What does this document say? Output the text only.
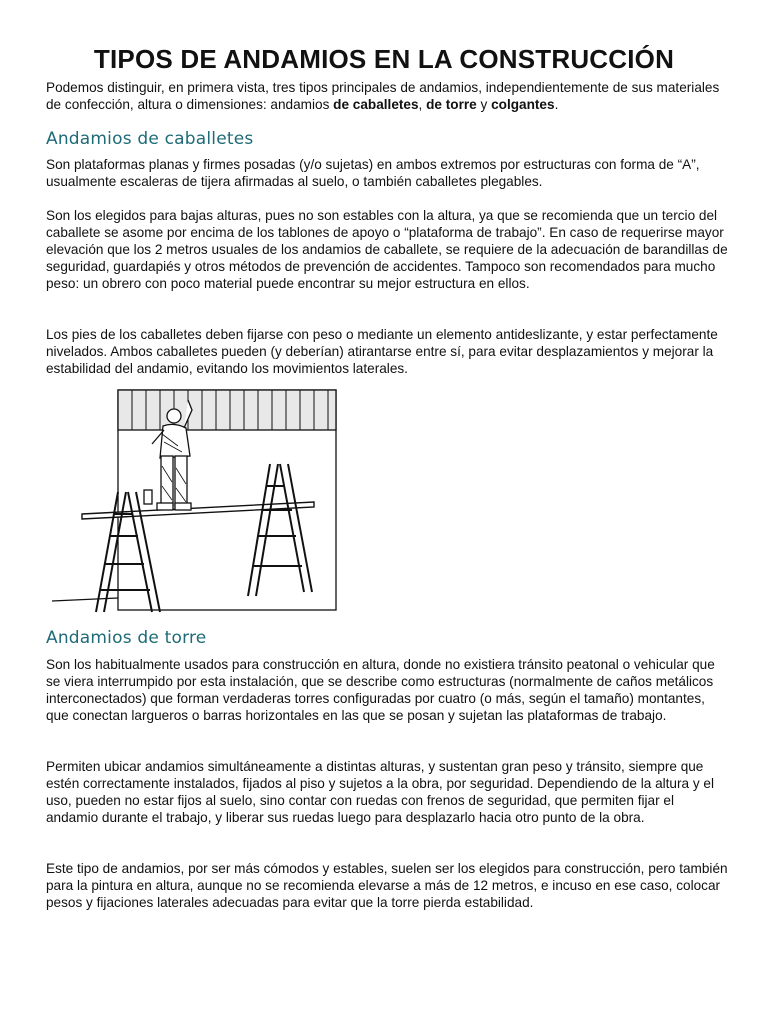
TIPOS DE ANDAMIOS EN LA CONSTRUCCIÓN

Podemos distinguir, en primera vista, tres tipos principales de andamios, independientemente de sus materiales de confección, altura o dimensiones: andamios de caballetes, de torre y colgantes.

Andamios de caballetes

Son plataformas planas y firmes posadas (y/o sujetas) en ambos extremos por estructuras con forma de “A”, usualmente escaleras de tijera afirmadas al suelo, o también caballetes plegables.

Son los elegidos para bajas alturas, pues no son estables con la altura, ya que se recomienda que un tercio del caballete se asome por encima de los tablones de apoyo o “plataforma de trabajo”. En caso de requerirse mayor elevación que los 2 metros usuales de los andamios de caballete, se requiere de la adecuación de barandillas de seguridad, guardapiés y otros métodos de prevención de accidentes. Tampoco son recomendados para mucho peso: un obrero con poco material puede encontrar su mejor estructura en ellos.

Los pies de los caballetes deben fijarse con peso o mediante un elemento antideslizante, y estar perfectamente nivelados. Ambos caballetes pueden (y deberían) atirantarse entre sí, para evitar desplazamientos y mejorar la estabilidad del andamio, evitando los movimientos laterales.

Andamios de torre

Son los habitualmente usados para construcción en altura, donde no existiera tránsito peatonal o vehicular que se viera interrumpido por esta instalación, que se describe como estructuras (normalmente de caños metálicos interconectados) que forman verdaderas torres configuradas por cuatro (o más, según el tamaño) montantes, que conectan largueros o barras horizontales en las que se posan y sujetan las plataformas de trabajo.

Permiten ubicar andamios simultáneamente a distintas alturas, y sustentan gran peso y tránsito, siempre que estén correctamente instalados, fijados al piso y sujetos a la obra, por seguridad. Dependiendo de la altura y el uso, pueden no estar fijos al suelo, sino contar con ruedas con frenos de seguridad, que permiten fijar el andamio durante el trabajo, y liberar sus ruedas luego para desplazarlo hacia otro punto de la obra.

Este tipo de andamios, por ser más cómodos y estables, suelen ser los elegidos para construcción, pero también para la pintura en altura, aunque no se recomienda elevarse a más de 12 metros, e incuso en ese caso, colocar pesos y fijaciones laterales adecuadas para evitar que la torre pierda estabilidad.
